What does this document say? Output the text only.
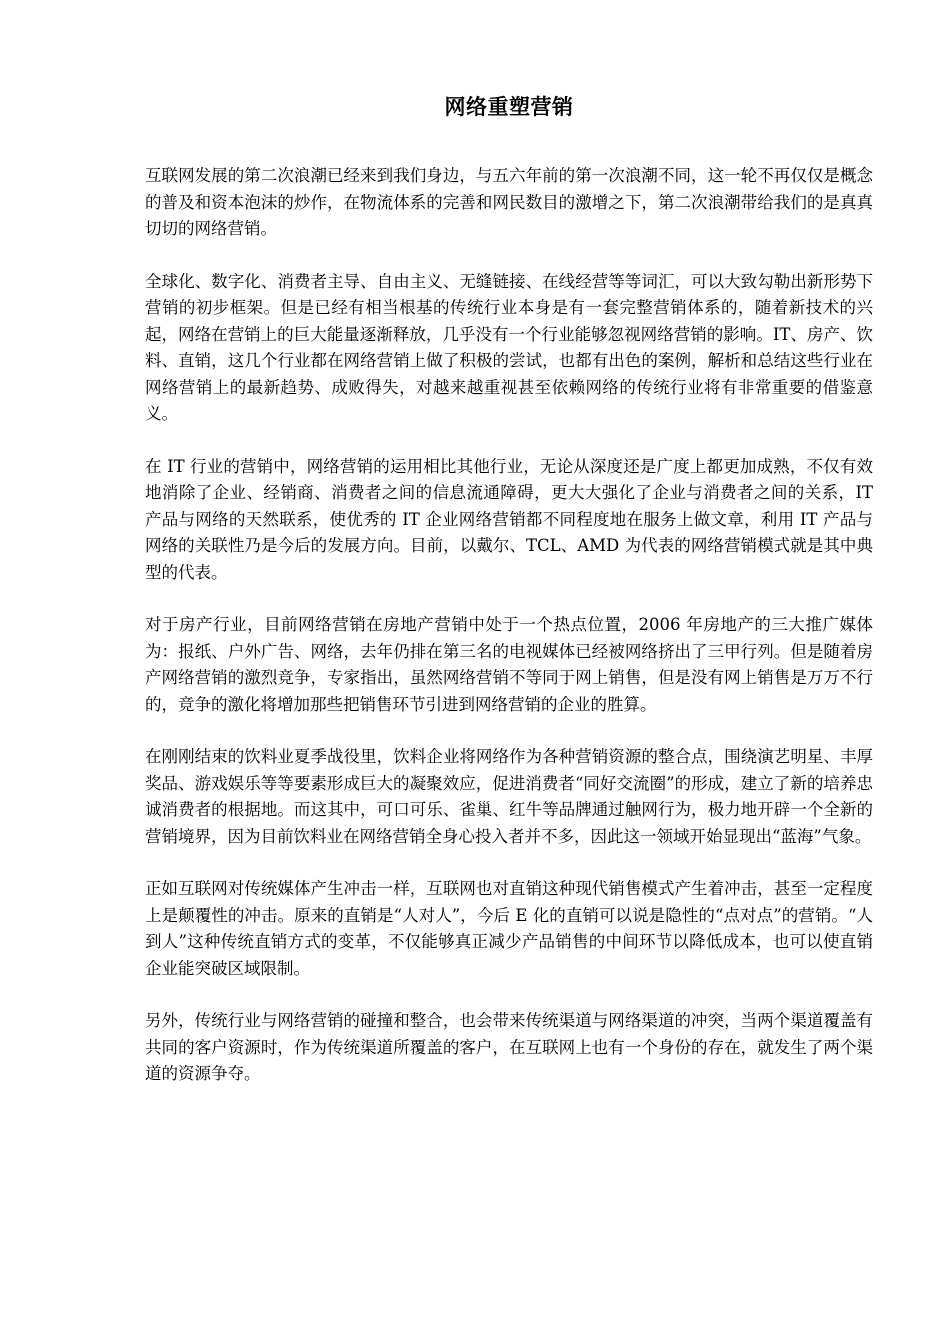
网络重塑营销

互联网发展的第二次浪潮已经来到我们身边，与五六年前的第一次浪潮不同，这一轮不再仅仅是概念的普及和资本泡沫的炒作，在物流体系的完善和网民数目的激增之下，第二次浪潮带给我们的是真真切切的网络营销。

全球化、数字化、消费者主导、自由主义、无缝链接、在线经营等等词汇，可以大致勾勒出新形势下营销的初步框架。但是已经有相当根基的传统行业本身是有一套完整营销体系的，随着新技术的兴起，网络在营销上的巨大能量逐渐释放，几乎没有一个行业能够忽视网络营销的影响。IT、房产、饮料、直销，这几个行业都在网络营销上做了积极的尝试，也都有出色的案例，解析和总结这些行业在网络营销上的最新趋势、成败得失，对越来越重视甚至依赖网络的传统行业将有非常重要的借鉴意义。

在 IT 行业的营销中，网络营销的运用相比其他行业，无论从深度还是广度上都更加成熟，不仅有效地消除了企业、经销商、消费者之间的信息流通障碍，更大大强化了企业与消费者之间的关系，IT 产品与网络的天然联系，使优秀的 IT 企业网络营销都不同程度地在服务上做文章，利用 IT 产品与网络的关联性乃是今后的发展方向。目前，以戴尔、TCL、AMD 为代表的网络营销模式就是其中典型的代表。

对于房产行业，目前网络营销在房地产营销中处于一个热点位置，2006 年房地产的三大推广媒体为：报纸、户外广告、网络，去年仍排在第三名的电视媒体已经被网络挤出了三甲行列。但是随着房产网络营销的激烈竞争，专家指出，虽然网络营销不等同于网上销售，但是没有网上销售是万万不行的，竞争的激化将增加那些把销售环节引进到网络营销的企业的胜算。

在刚刚结束的饮料业夏季战役里，饮料企业将网络作为各种营销资源的整合点，围绕演艺明星、丰厚奖品、游戏娱乐等等要素形成巨大的凝聚效应，促进消费者“同好交流圈”的形成，建立了新的培养忠诚消费者的根据地。而这其中，可口可乐、雀巢、红牛等品牌通过触网行为，极力地开辟一个全新的营销境界，因为目前饮料业在网络营销全身心投入者并不多，因此这一领域开始显现出“蓝海”气象。

正如互联网对传统媒体产生冲击一样，互联网也对直销这种现代销售模式产生着冲击，甚至一定程度上是颠覆性的冲击。原来的直销是“人对人”，今后 E 化的直销可以说是隐性的“点对点”的营销。“人到人”这种传统直销方式的变革，不仅能够真正减少产品销售的中间环节以降低成本，也可以使直销企业能突破区域限制。

另外，传统行业与网络营销的碰撞和整合，也会带来传统渠道与网络渠道的冲突，当两个渠道覆盖有共同的客户资源时，作为传统渠道所覆盖的客户，在互联网上也有一个身份的存在，就发生了两个渠道的资源争夺。
